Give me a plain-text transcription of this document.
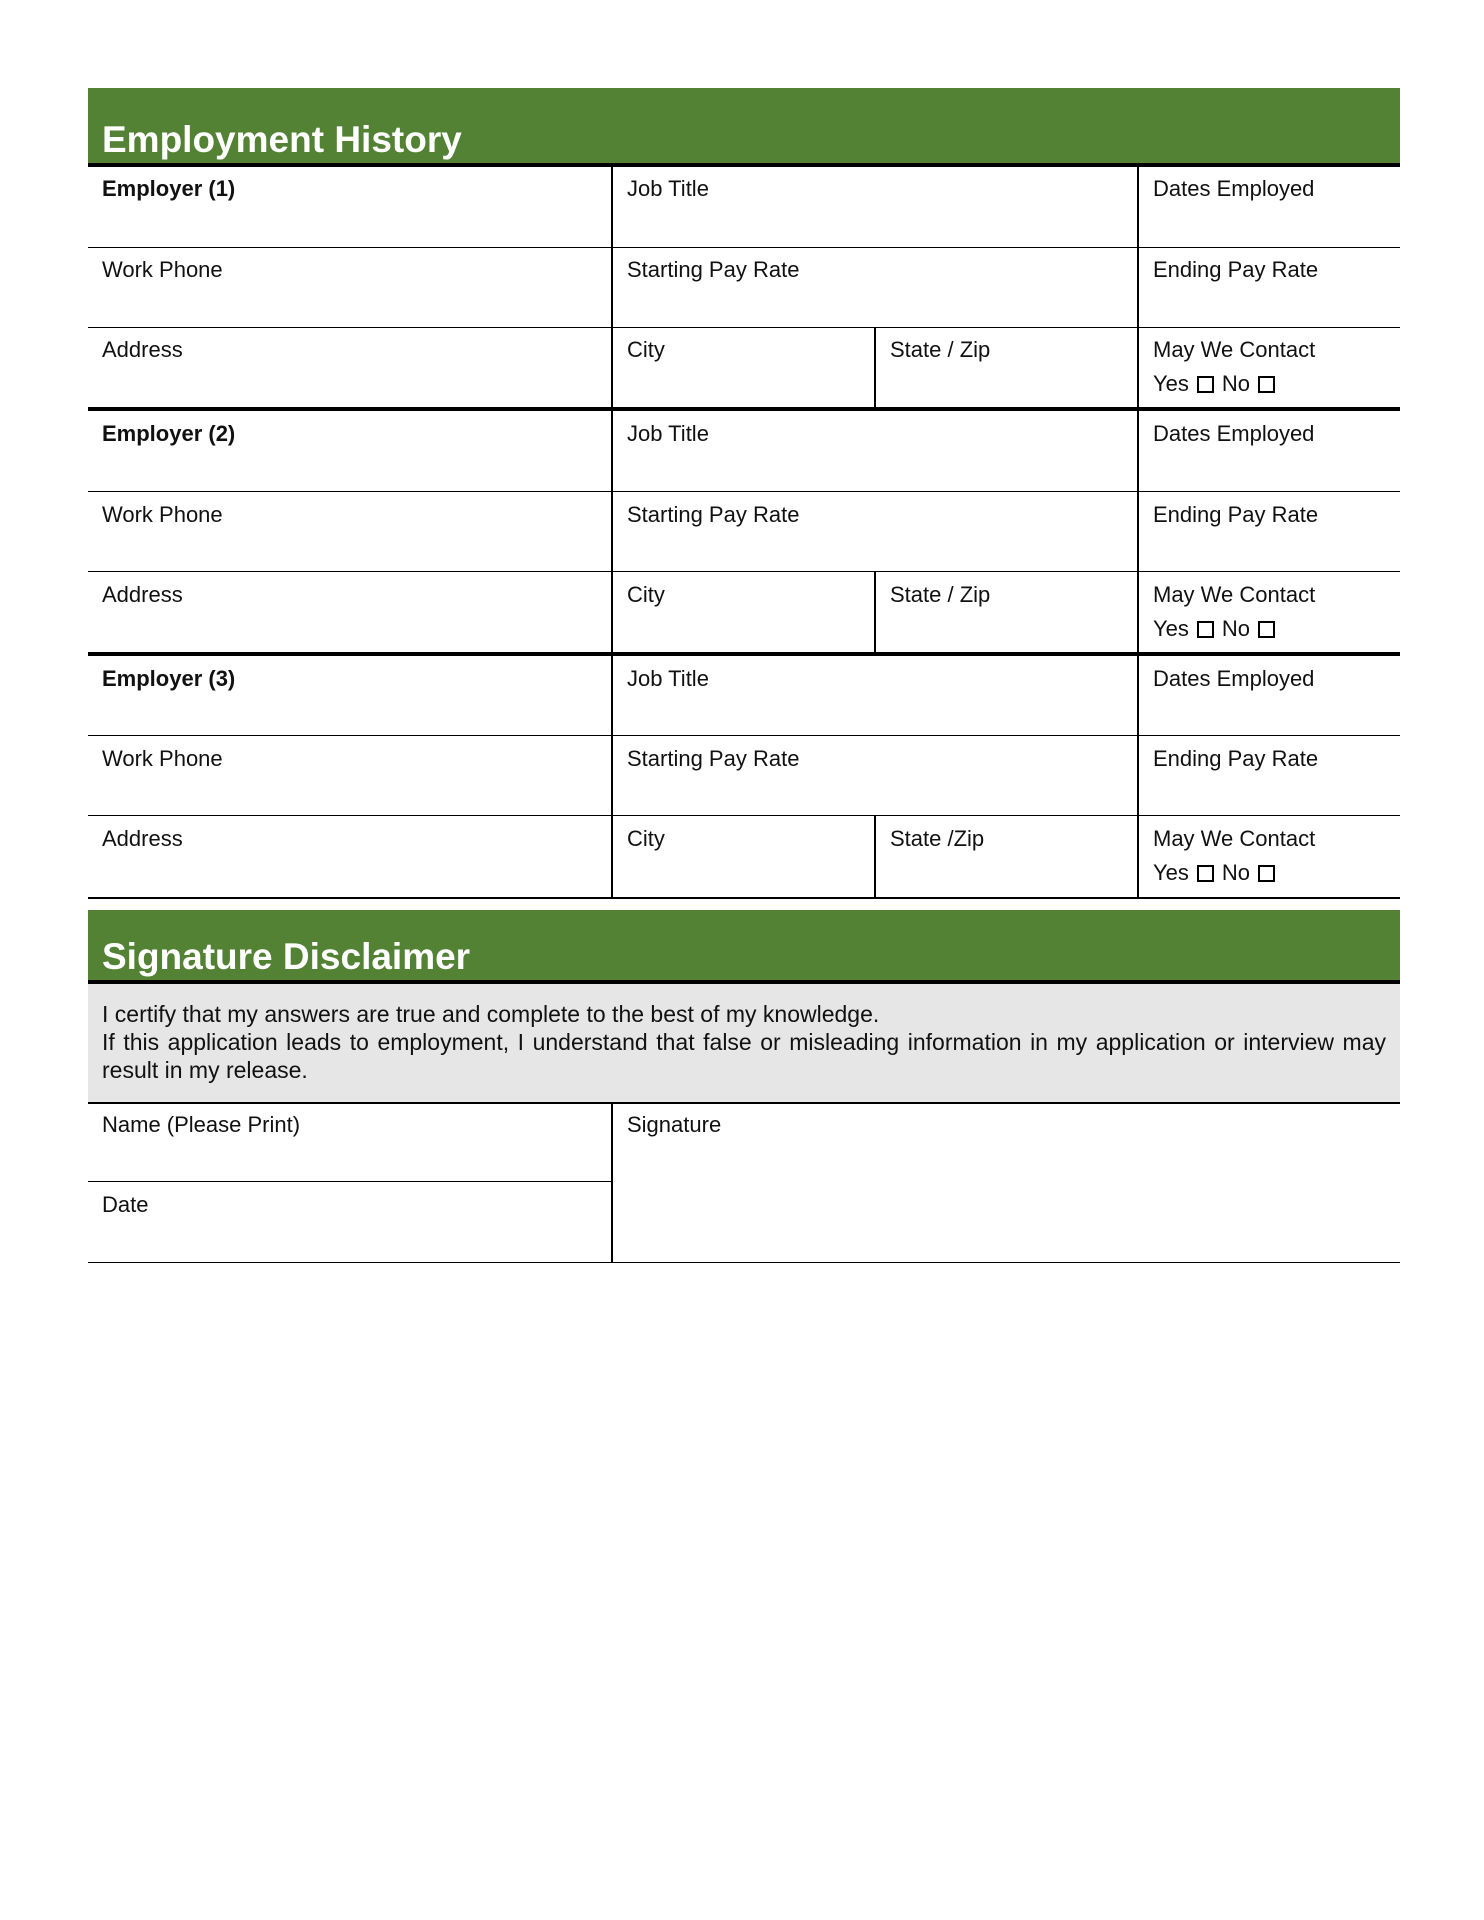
Employment History
Employer (1)	Job Title	Dates Employed
Work Phone	Starting Pay Rate	Ending Pay Rate
Address	City	State / Zip	May We Contact
Yes No
Employer (2)	Job Title	Dates Employed
Work Phone	Starting Pay Rate	Ending Pay Rate
Address	City	State / Zip	May We Contact
Yes No
Employer (3)	Job Title	Dates Employed
Work Phone	Starting Pay Rate	Ending Pay Rate
Address	City	State /Zip	May We Contact
Yes No
Signature Disclaimer

I certify that my answers are true and complete to the best of my knowledge.

If this application leads to employment, I understand that false or misleading information in my application or interview may result in my release.

Name (Please Print)
Date
Signature
